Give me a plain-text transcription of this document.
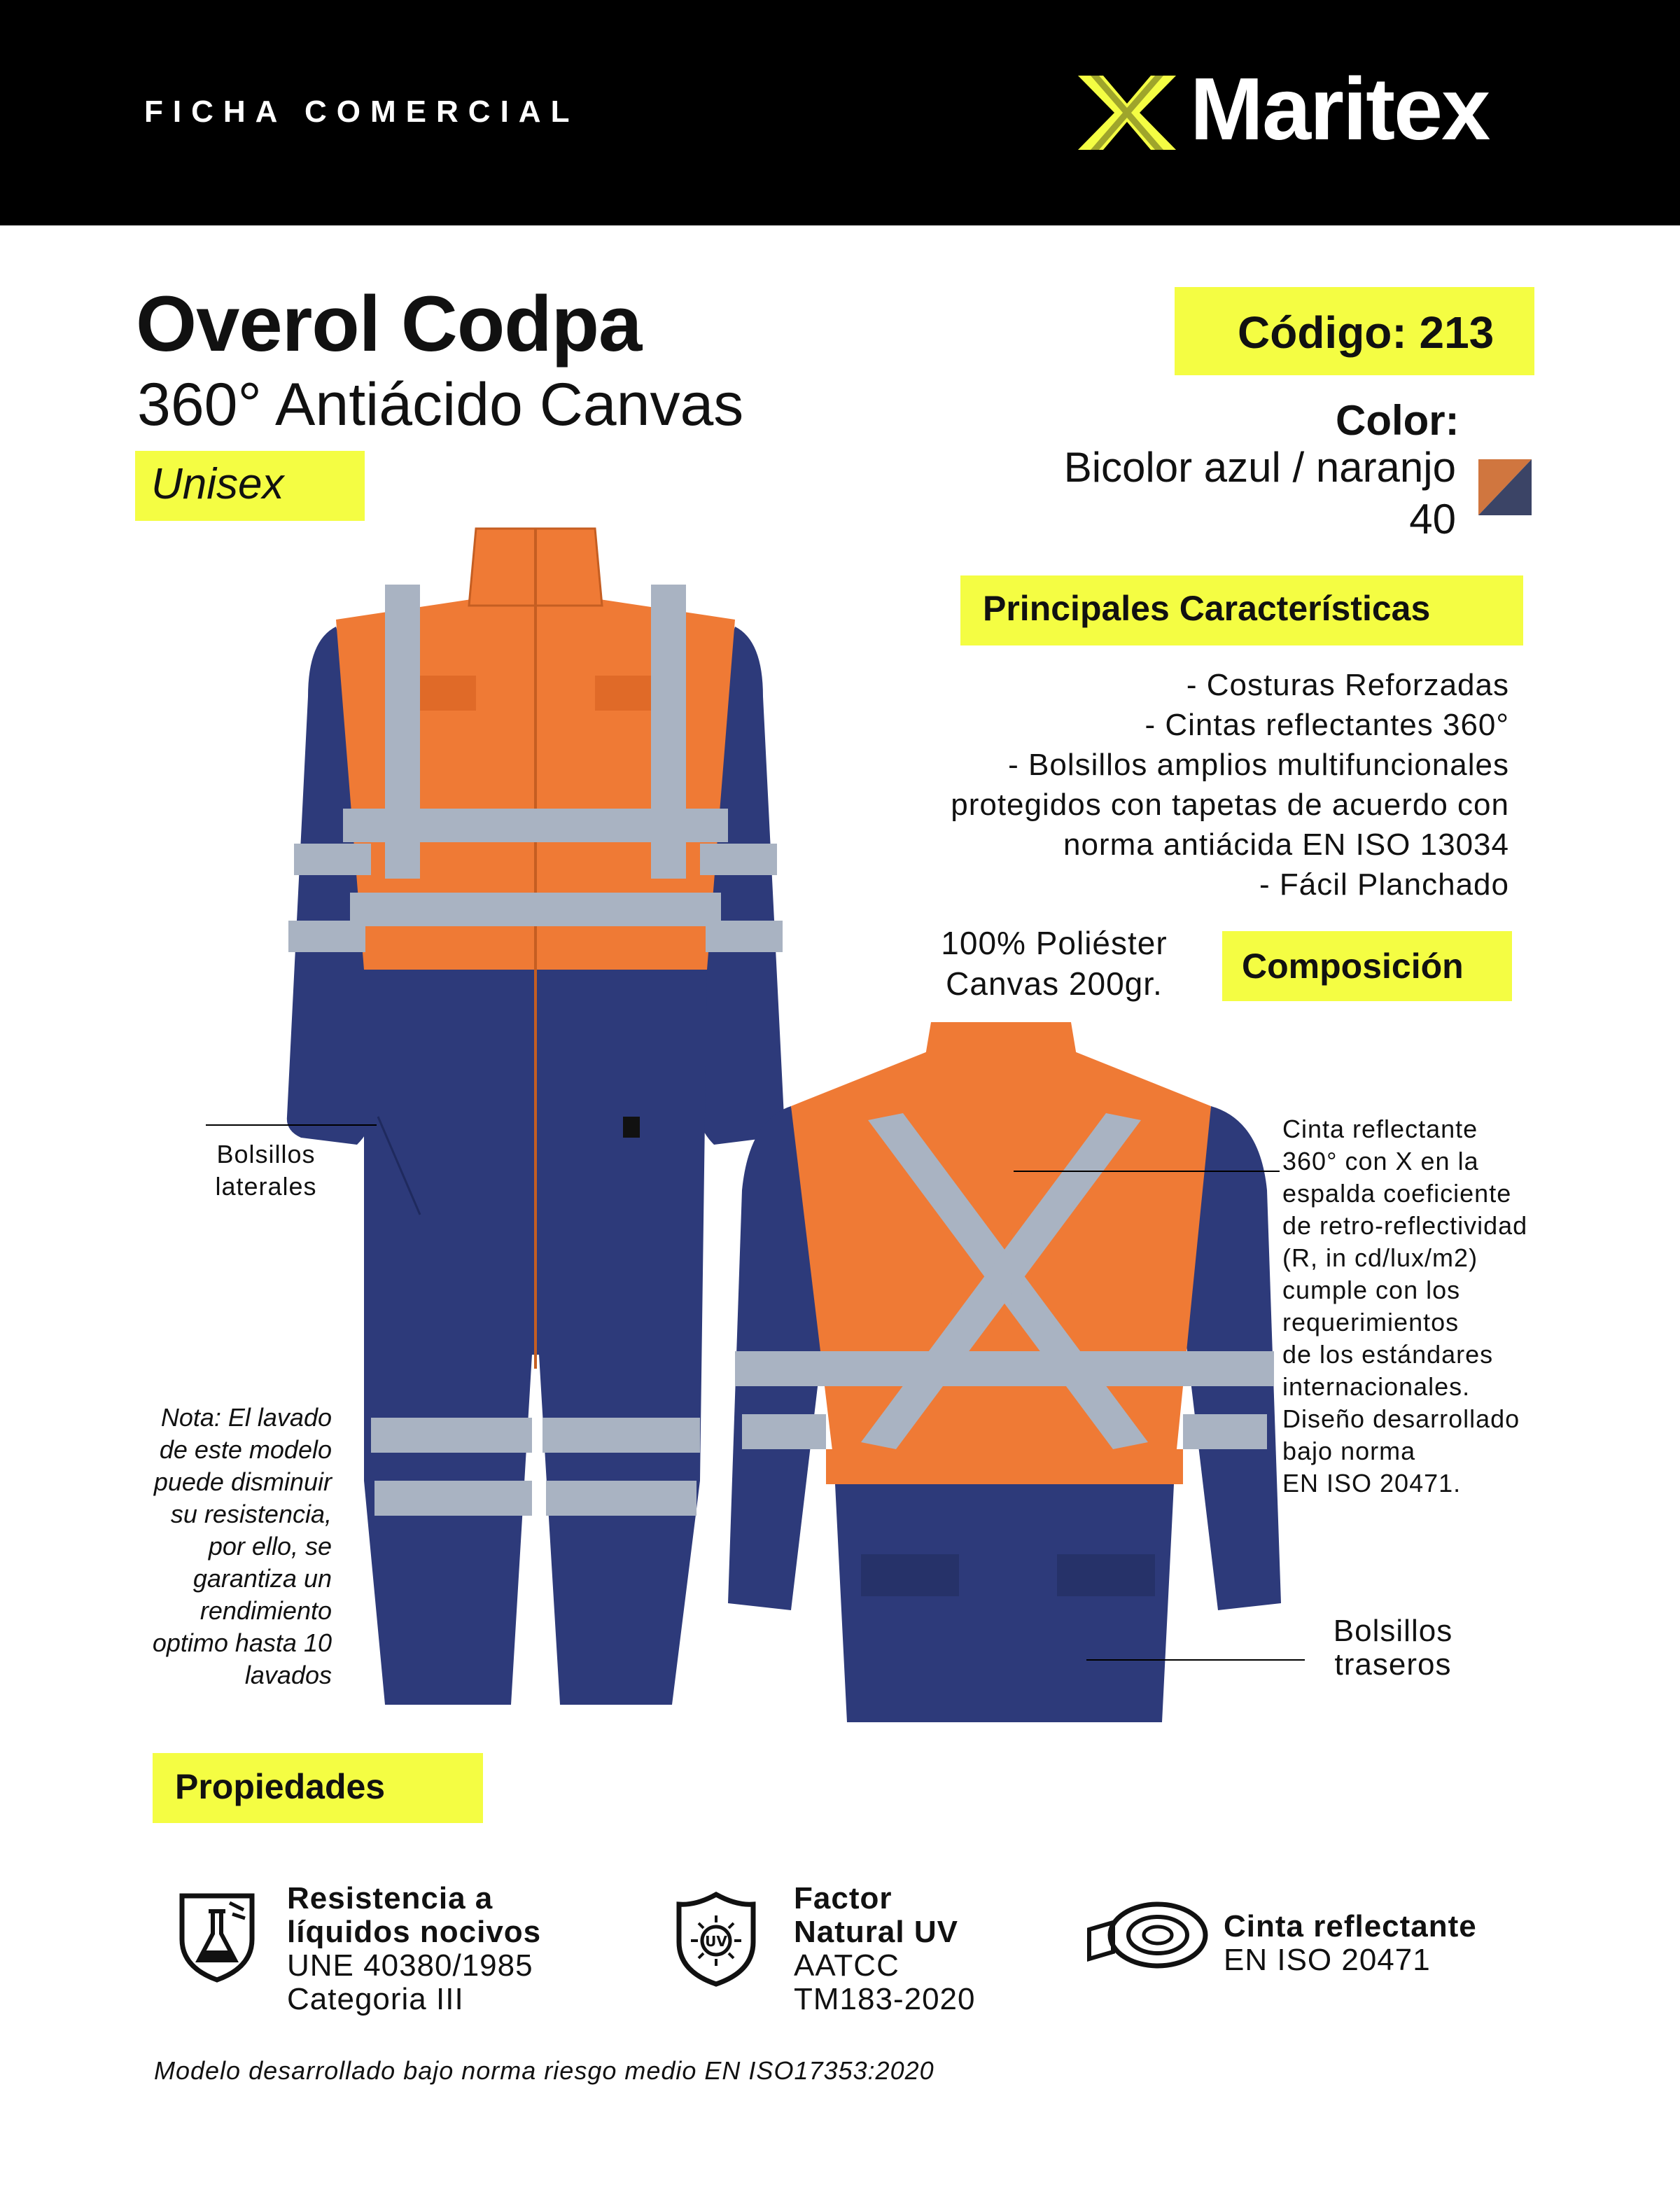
FICHA COMERCIAL	Maritex
Overol Codpa
360° Antiácido Canvas
Unisex
Código: 213
Color:
Bicolor azul / naranjo
40
Principales Características
- Costuras Reforzadas
- Cintas reflectantes 360°
- Bolsillos amplios multifuncionales
protegidos con tapetas de acuerdo con
norma antiácida EN ISO 13034
- Fácil Planchado
100% Poliéster
Canvas 200gr.	Composición
Bolsillos
laterales
Cinta reflectante
360° con X en la
espalda coeficiente
de retro-reflectividad
(R, in cd/lux/m2)
cumple con los
requerimientos
de los estándares
internacionales.
Diseño desarrollado
bajo norma
EN ISO 20471.
Bolsillos
traseros
Nota: El lavado
de este modelo
puede disminuir
su resistencia,
por ello, se
garantiza un
rendimiento
optimo hasta 10
lavados
Propiedades
Resistencia a
líquidos nocivos
UNE 40380/1985
Categoria III
UV
Factor
Natural UV
AATCC
TM183-2020
Cinta reflectante
EN ISO 20471
Modelo desarrollado bajo norma riesgo medio EN ISO17353:2020
